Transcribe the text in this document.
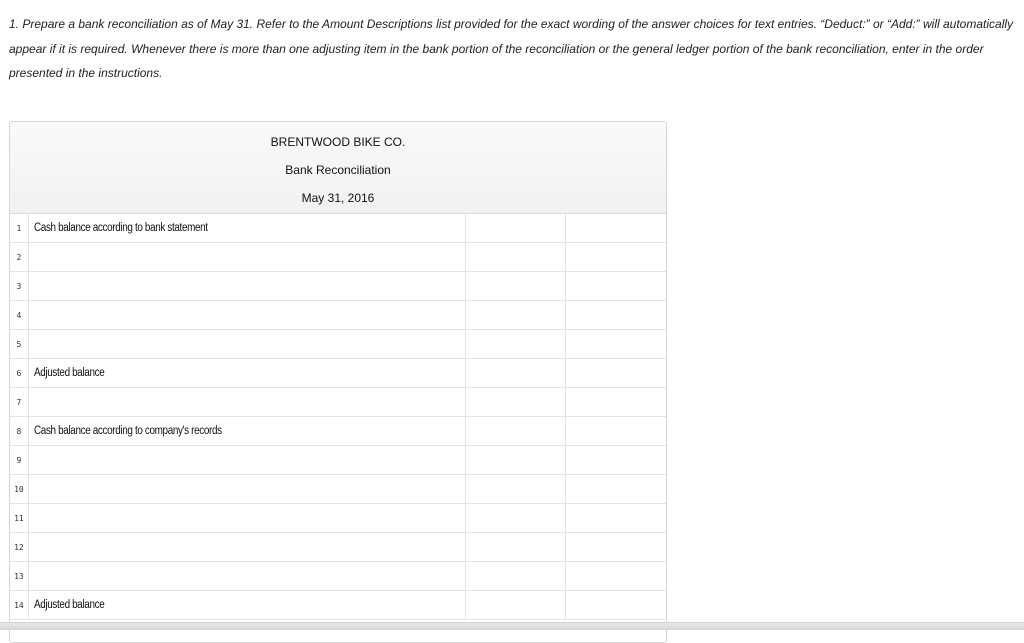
1. Prepare a bank reconciliation as of May 31. Refer to the Amount Descriptions list provided for the exact wording of the answer choices for text entries. “Deduct:” or “Add:” will automatically appear if it is required. Whenever there is more than one adjusting item in the bank portion of the reconciliation or the general ledger portion of the bank reconciliation, enter in the order presented in the instructions.

BRENTWOOD BIKE CO.
Bank Reconciliation
May 31, 2016
1	Cash balance according to bank statement
2
3
4
5
6	Adjusted balance
7
8	Cash balance according to company's records
9
10
11
12
13
14 Adjusted balance
